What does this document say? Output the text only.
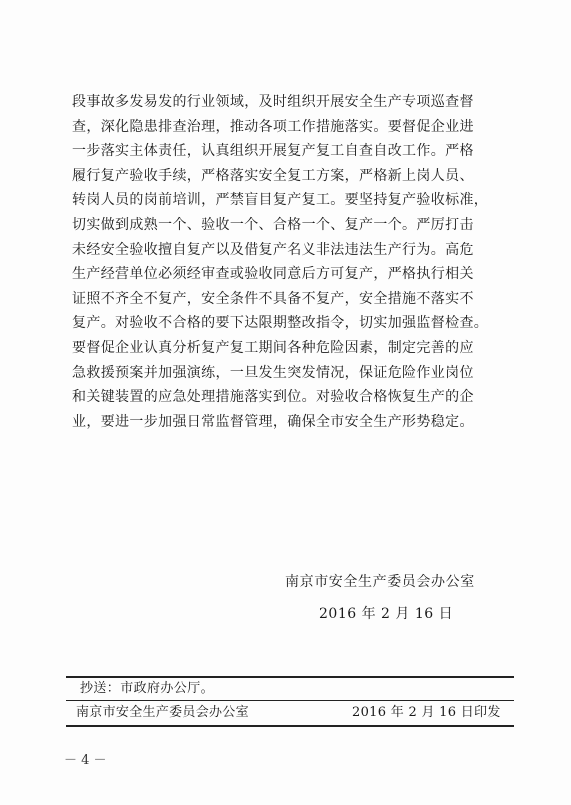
段事故多发易发的行业领域，及时组织开展安全生产专项巡查督
查，深化隐患排查治理，推动各项工作措施落实。要督促企业进
一步落实主体责任，认真组织开展复产复工自查自改工作。严格
履行复产验收手续，严格落实安全复工方案，严格新上岗人员、
转岗人员的岗前培训，严禁盲目复产复工。要坚持复产验收标准，
切实做到成熟一个、验收一个、合格一个、复产一个。严厉打击
未经安全验收擅自复产以及借复产名义非法违法生产行为。高危
生产经营单位必须经审查或验收同意后方可复产，严格执行相关
证照不齐全不复产，安全条件不具备不复产，安全措施不落实不
复产。对验收不合格的要下达限期整改指令，切实加强监督检查。
要督促企业认真分析复产复工期间各种危险因素，制定完善的应
急救援预案并加强演练，一旦发生突发情况，保证危险作业岗位
和关键装置的应急处理措施落实到位。对验收合格恢复生产的企
业，要进一步加强日常监督管理，确保全市安全生产形势稳定。
南京市安全生产委员会办公室
2016 年 2 月 16 日
抄送：市政府办公厅。
南京市安全生产委员会办公室	2016 年 2 月 16 日印发
－ 4 －
